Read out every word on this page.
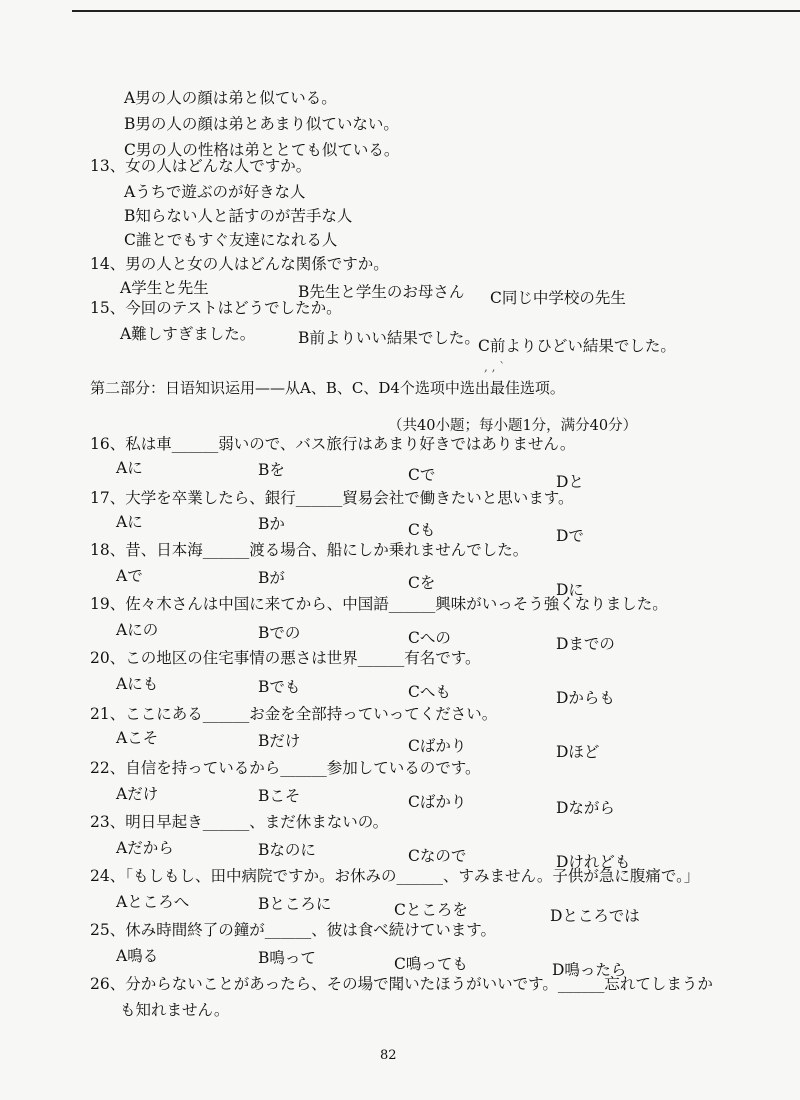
A男の人の顔は弟と似ている。
B男の人の顔は弟とあまり似ていない。
C男の人の性格は弟ととても似ている。
13、女の人はどんな人ですか。
Aうちで遊ぶのが好きな人
B知らない人と話すのが苦手な人
C誰とでもすぐ友達になれる人
14、男の人と女の人はどんな関係ですか。
A学生と先生	B先生と学生のお母さん C同じ中学校の先生
15、今回のテストはどうでしたか。
A難しすぎました。	B前よりいい結果でした。
C前よりひどい結果でした。
, , `
第二部分：日语知识运用——从A、B、C、D4个选项中选出最佳选项。
（共40小题；每小题1分，满分40分）
16、私は車______弱いので、バス旅行はあまり好きではありません。
Aに	Bを	Cで	Dと
17、大学を卒業したら、銀行______貿易会社で働きたいと思います。
Aに	Bか	Cも	Dで
18、昔、日本海______渡る場合、船にしか乗れませんでした。
Aで	Bが	Cを	Dに
19、佐々木さんは中国に来てから、中国語______興味がいっそう強くなりました。
Aにの	Bでの	Cへの	Dまでの
20、この地区の住宅事情の悪さは世界______有名です。
Aにも	Bでも	Cへも	Dからも
21、ここにある______お金を全部持っていってください。
Aこそ	Bだけ	Cばかり	Dほど
22、自信を持っているから______参加しているのです。
Aだけ	Bこそ	Cばかり	Dながら
23、明日早起き______、まだ休まないの。
Aだから	Bなのに	Cなので	Dけれども
24、「もしもし、田中病院ですか。お休みの______、すみません。子供が急に腹痛で。」
Aところへ	Bところに	Cところを	Dところでは
25、休み時間終了の鐘が______、彼は食べ続けています。
A鳴る	B鳴って	C鳴っても	D鳴ったら
26、分からないことがあったら、その場で聞いたほうがいいです。______忘れてしまうか
も知れません。
82
